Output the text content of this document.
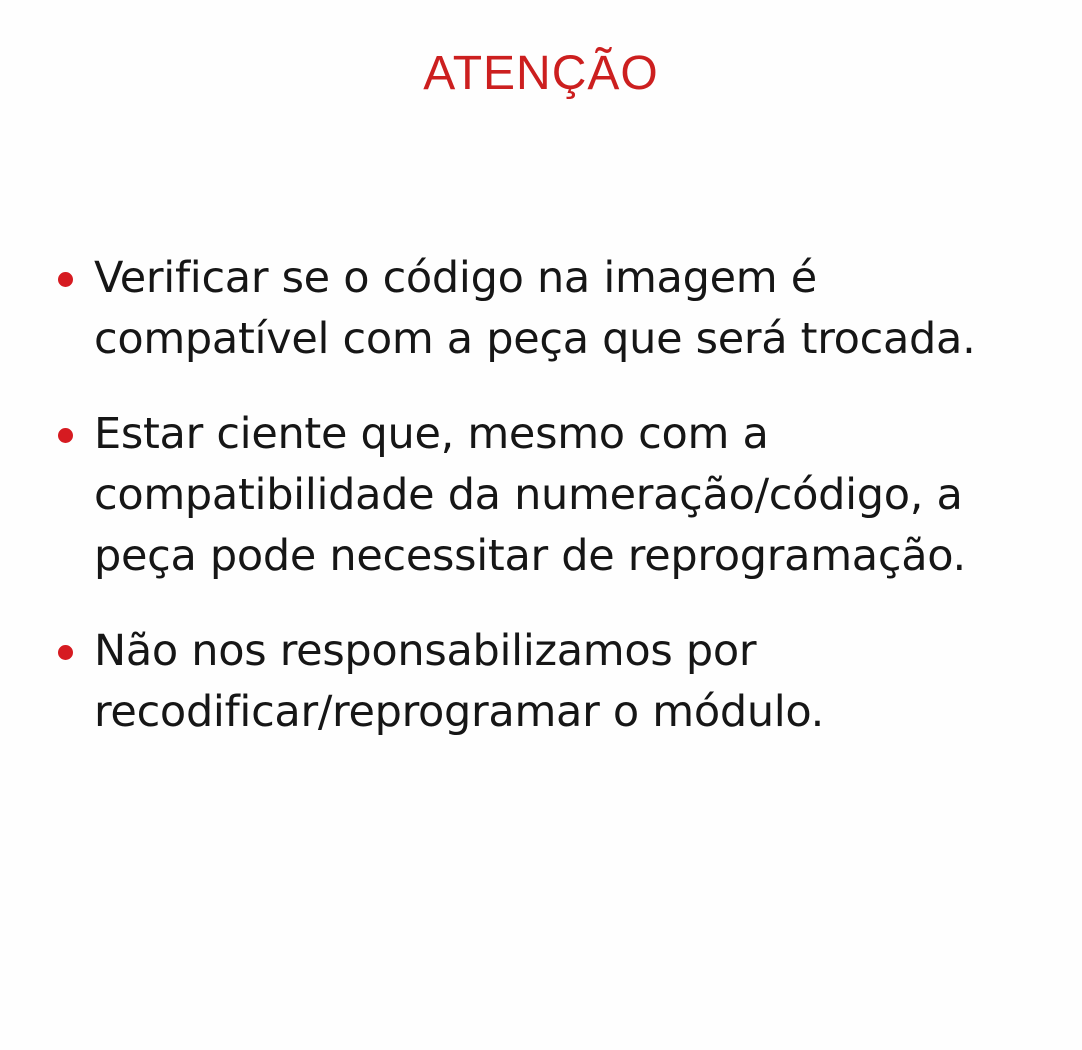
ATENÇÃO
Verificar se o código na imagem é compatível com a peça que será trocada.
Estar ciente que, mesmo com a compatibilidade da numeração/código, a peça pode necessitar de reprogramação.
Não nos responsabilizamos por recodificar/reprogramar o módulo.
